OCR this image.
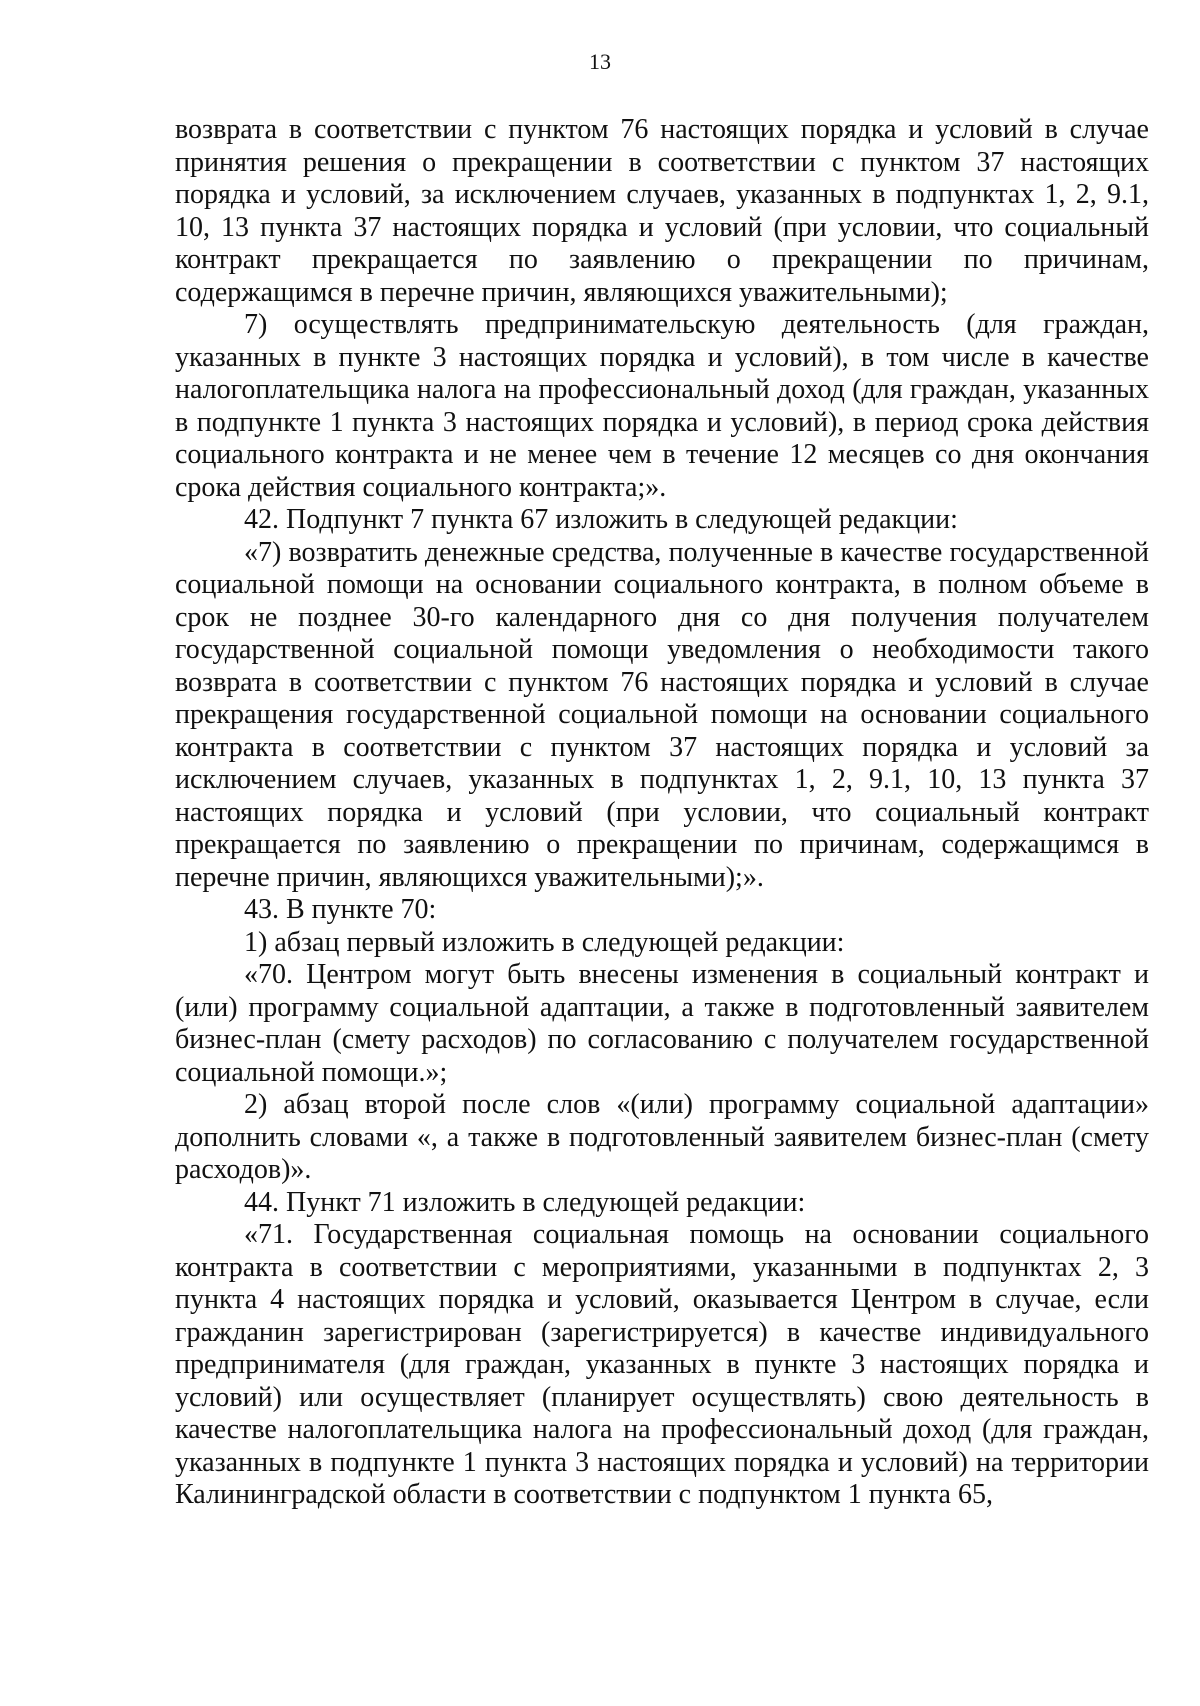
13

возврата в соответствии с пунктом 76 настоящих порядка и условий в случае принятия решения о прекращении в соответствии с пунктом 37 настоящих порядка и условий, за исключением случаев, указанных в подпунктах 1, 2, 9.1, 10, 13 пункта 37 настоящих порядка и условий (при условии, что социальный контракт прекращается по заявлению о прекращении по причинам, содержащимся в перечне причин, являющихся уважительными);

7) осуществлять предпринимательскую деятельность (для граждан, указанных в пункте 3 настоящих порядка и условий), в том числе в качестве налогоплательщика налога на профессиональный доход (для граждан, указанных в подпункте 1 пункта 3 настоящих порядка и условий), в период срока действия социального контракта и не менее чем в течение 12 месяцев со дня окончания срока действия социального контракта;».

42. Подпункт 7 пункта 67 изложить в следующей редакции:

«7) возвратить денежные средства, полученные в качестве государственной социальной помощи на основании социального контракта, в полном объеме в срок не позднее 30-го календарного дня со дня получения получателем государственной социальной помощи уведомления о необходимости такого возврата в соответствии с пунктом 76 настоящих порядка и условий в случае прекращения государственной социальной помощи на основании социального контракта в соответствии с пунктом 37 настоящих порядка и условий за исключением случаев, указанных в подпунктах 1, 2, 9.1, 10, 13 пункта 37 настоящих порядка и условий (при условии, что социальный контракт прекращается по заявлению о прекращении по причинам, содержащимся в перечне причин, являющихся уважительными);».

43. В пункте 70:

1) абзац первый изложить в следующей редакции:

«70. Центром могут быть внесены изменения в социальный контракт и (или) программу социальной адаптации, а также в подготовленный заявителем бизнес-план (смету расходов) по согласованию с получателем государственной социальной помощи.»;

2) абзац второй после слов «(или) программу социальной адаптации» дополнить словами «, а также в подготовленный заявителем бизнес-план (смету расходов)».

44. Пункт 71 изложить в следующей редакции:

«71. Государственная социальная помощь на основании социального контракта в соответствии с мероприятиями, указанными в подпунктах 2, 3 пункта 4 настоящих порядка и условий, оказывается Центром в случае, если гражданин зарегистрирован (зарегистрируется) в качестве индивидуального предпринимателя (для граждан, указанных в пункте 3 настоящих порядка и условий) или осуществляет (планирует осуществлять) свою деятельность в качестве налогоплательщика налога на профессиональный доход (для граждан, указанных в подпункте 1 пункта 3 настоящих порядка и условий) на территории Калининградской области в соответствии с подпунктом 1 пункта 65,
